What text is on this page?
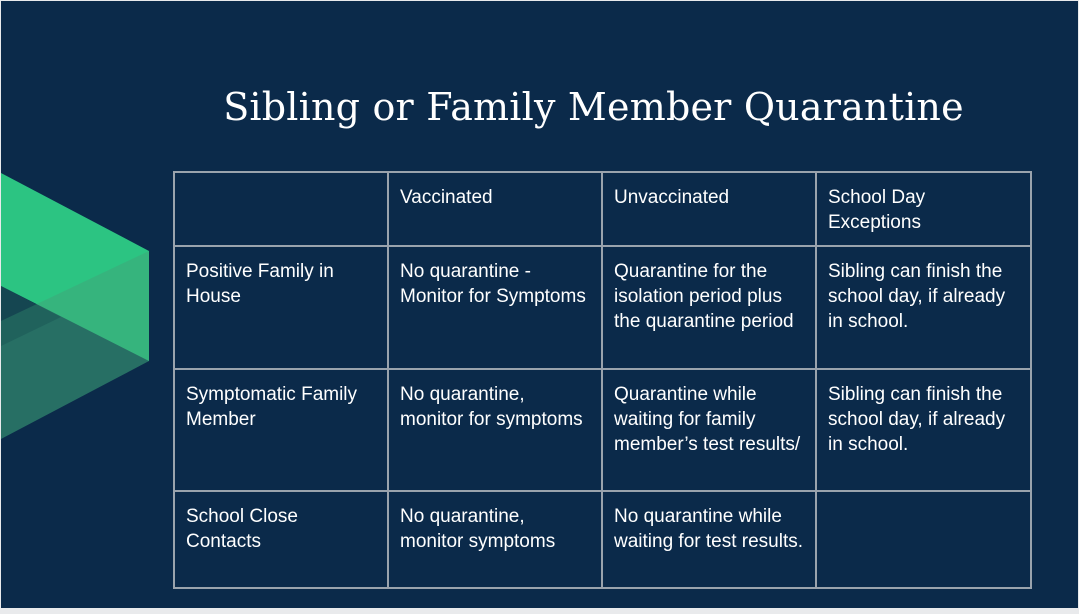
Sibling or Family Member Quarantine
	Vaccinated	Unvaccinated	School Day Exceptions
Positive Family in House	No quarantine - Monitor for Symptoms	Quarantine for the isolation period plus the quarantine period	Sibling can finish the school day, if already in school.
Symptomatic Family Member	No quarantine, monitor for symptoms	Quarantine while waiting for family member’s test results/	Sibling can finish the school day, if already in school.
School Close Contacts	No quarantine, monitor symptoms	No quarantine while waiting for test results.	
